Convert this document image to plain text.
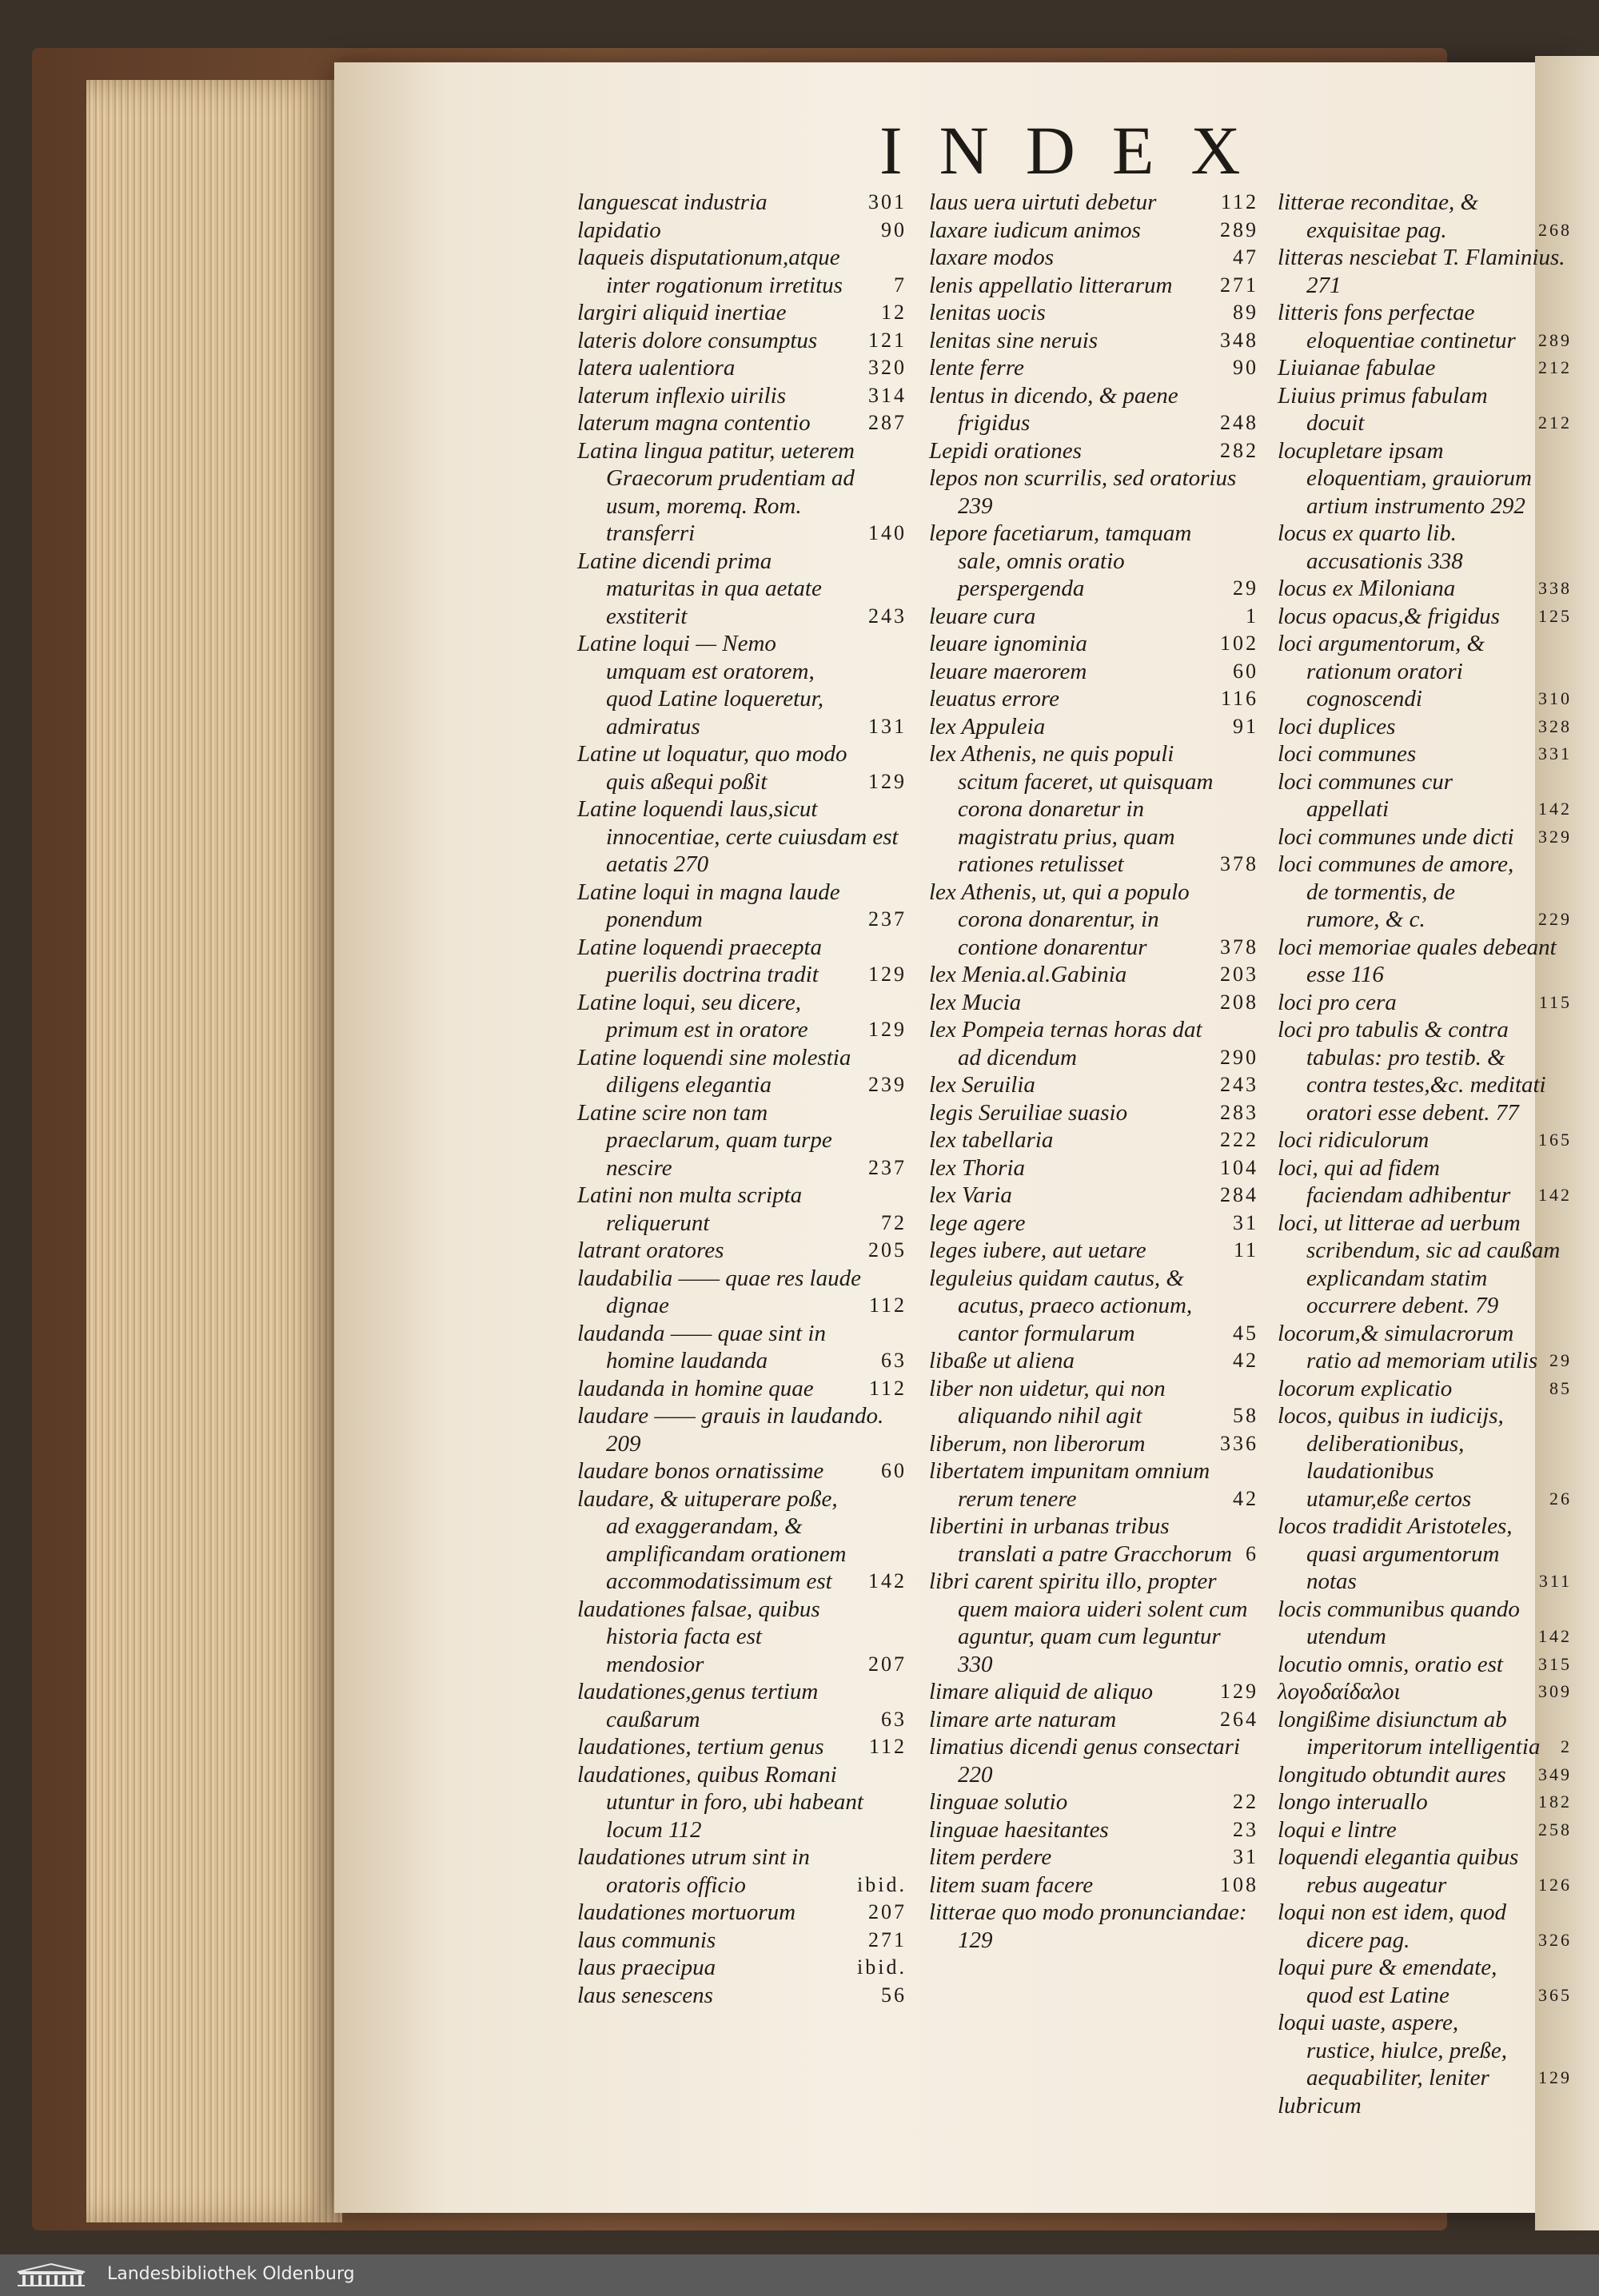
INDEX
languescat industria	301
lapidatio	90
laqueis disputationum,atque inter rogationum irretitus	7
largiri aliquid inertiae	12
lateris dolore consumptus	121
latera ualentiora	320
laterum inflexio uirilis	314
laterum magna contentio	287
Latina lingua patitur, ueterem Graecorum prudentiam ad usum, moremq. Rom. transferri	140
Latine dicendi prima maturitas in qua aetate exstiterit	243
Latine loqui — Nemo umquam est oratorem, quod Latine loqueretur, admiratus	131
Latine ut loquatur, quo modo quis aßequi poßit	129
Latine loquendi laus,sicut innocentiae, certe cuiusdam est aetatis 270
Latine loqui in magna laude ponendum	237
Latine loquendi praecepta puerilis doctrina tradit	129
Latine loqui, seu dicere, primum est in oratore	129
Latine loquendi sine molestia diligens elegantia	239
Latine scire non tam praeclarum, quam turpe nescire	237
Latini non multa scripta reliquerunt	72
latrant oratores	205
laudabilia —— quae res laude dignae	112
laudanda —— quae sint in homine laudanda	63
laudanda in homine quae	112
laudare —— grauis in laudando. 209
laudare bonos ornatissime	60
laudare, & uituperare poße, ad exaggerandam, & amplificandam orationem accommodatissimum est	142
laudationes falsae, quibus historia facta est mendosior	207
laudationes,genus tertium caußarum	63
laudationes, tertium genus	112
laudationes, quibus Romani utuntur in foro, ubi habeant locum 112
laudationes utrum sint in oratoris officio	ibid.
laudationes mortuorum	207
laus communis	271
laus praecipua	ibid.
laus senescens	56
laus uera uirtuti debetur	112
laxare iudicum animos	289
laxare modos	47
lenis appellatio litterarum	271
lenitas uocis	89
lenitas sine neruis	348
lente ferre	90
lentus in dicendo, & paene frigidus	248
Lepidi orationes	282
lepos non scurrilis, sed oratorius 239
lepore facetiarum, tamquam sale, omnis oratio perspergenda	29
leuare cura	1
leuare ignominia	102
leuare maerorem	60
leuatus errore	116
lex Appuleia	91
lex Athenis, ne quis populi scitum faceret, ut quisquam corona donaretur in magistratu prius, quam rationes retulisset	378
lex Athenis, ut, qui a populo corona donarentur, in contione donarentur	378
lex Menia.al.Gabinia	203
lex Mucia	208
lex Pompeia ternas horas dat ad dicendum	290
lex Seruilia	243
legis Seruiliae suasio	283
lex tabellaria	222
lex Thoria	104
lex Varia	284
lege agere	31
leges iubere, aut uetare	11
leguleius quidam cautus, & acutus, praeco actionum, cantor formularum	45
libaße ut aliena	42
liber non uidetur, qui non aliquando nihil agit	58
liberum, non liberorum	336
libertatem impunitam omnium rerum tenere	42
libertini in urbanas tribus translati a patre Gracchorum 6
libri carent spiritu illo, propter quem maiora uideri solent cum aguntur, quam cum leguntur 330
limare aliquid de aliquo	129
limare arte naturam	264
limatius dicendi genus consectari 220
linguae solutio	22
linguae haesitantes	23
litem perdere	31
litem suam facere	108
litterae quo modo pronunciandae: 129
litterae reconditae, & exquisitae pag.	268
litteras nesciebat T. Flaminius. 271
litteris fons perfectae eloquentiae continetur	289
Liuianae fabulae	212
Liuius primus fabulam docuit	212
locupletare ipsam eloquentiam, grauiorum artium instrumento 292
locus ex quarto lib. accusationis 338
locus ex Miloniana	338
locus opacus,& frigidus	125
loci argumentorum, & rationum oratori cognoscendi	310
loci duplices	328
loci communes	331
loci communes cur appellati	142
loci communes unde dicti	329
loci communes de amore, de tormentis, de rumore, & c.	229
loci memoriae quales debeant esse 116
loci pro cera	115
loci pro tabulis & contra tabulas: pro testib. & contra testes,&c. meditati oratori esse debent. 77
loci ridiculorum	165
loci, qui ad fidem faciendam adhibentur	142
loci, ut litterae ad uerbum scribendum, sic ad caußam explicandam statim occurrere debent. 79
locorum,& simulacrorum ratio ad memoriam utilis 29
locorum explicatio	85
locos, quibus in iudicijs, deliberationibus, laudationibus utamur,eße certos	26
locos tradidit Aristoteles, quasi argumentorum notas	311
locis communibus quando utendum	142
locutio omnis, oratio est	315
λογοδαίδαλοι	309
longißime disiunctum ab imperitorum intelligentia	2
longitudo obtundit aures	349
longo interuallo	182
loqui e lintre	258
loquendi elegantia quibus rebus augeatur	126
loqui non est idem, quod dicere pag.	326
loqui pure & emendate, quod est Latine	365
loqui uaste, aspere, rustice, hiulce, preße, aequabiliter, leniter	129
lubricum
Landesbibliothek Oldenburg
